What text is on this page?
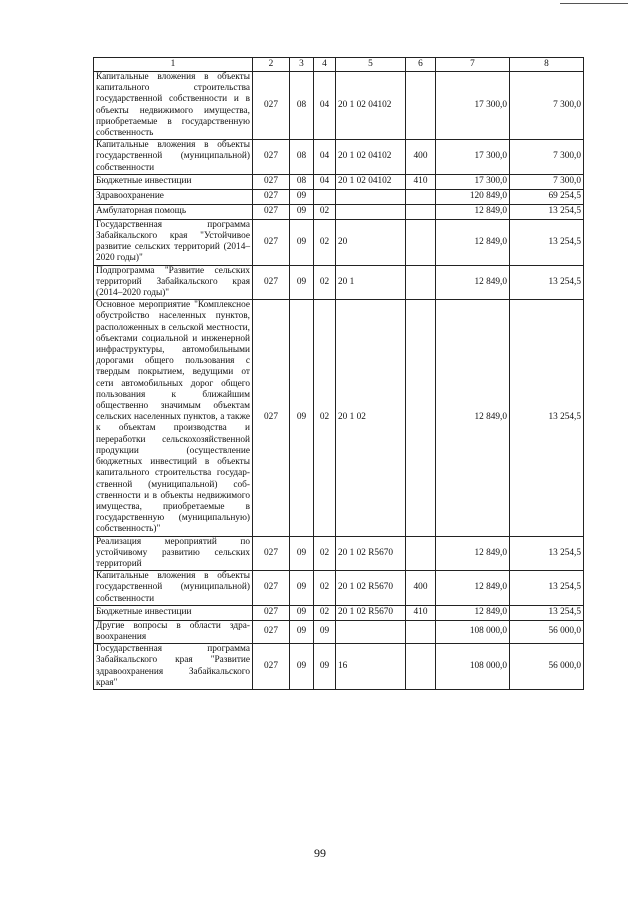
1	2	3	4	5	6	7	8
Капитальные вложения в объекты капитального строительства государственной собственности и в объекты недвижимого имущества, приобретаемые в государственную собственность	027	08	04	20 1 02 04102		17 300,0	7 300,0
Капитальные вложения в объекты государственной (муниципальной) собственности	027	08	04	20 1 02 04102	400	17 300,0	7 300,0
Бюджетные инвестиции	027	08	04	20 1 02 04102	410	17 300,0	7 300,0
Здравоохранение	027	09				120 849,0	69 254,5
Амбулаторная помощь	027	09	02			12 849,0	13 254,5
Государственная программа Забайкальского края "Устойчивое развитие сельских территорий (2014–2020 годы)"	027	09	02	20		12 849,0	13 254,5
Подпрограмма "Развитие сельских территорий Забайкальского края (2014–2020 годы)"	027	09	02	20 1		12 849,0	13 254,5
Основное мероприятие "Комплексное обустройство населенных пунктов, расположенных в сельской местности, объектами социальной и инженерной инфраструктуры, автомобильными дорогами общего пользования с твердым покрытием, ведущими от сети автомобильных дорог общего пользования к ближайшим общественно значимым объектам сельских населенных пунктов, а также к объектам производства и переработки сельскохозяйственной продукции (осуществление бюджетных инвестиций в объекты капитального строительства государственной (муниципальной) собственности и в объекты недвижимого имущества, приобретаемые в государственную (муниципальную) собственность)"	027	09	02	20 1 02		12 849,0	13 254,5
Реализация мероприятий по устойчивому развитию сельских территорий	027	09	02	20 1 02 R5670		12 849,0	13 254,5
Капитальные вложения в объекты государственной (муниципальной) собственности	027	09	02	20 1 02 R5670	400	12 849,0	13 254,5
Бюджетные инвестиции	027	09	02	20 1 02 R5670	410	12 849,0	13 254,5
Другие вопросы в области здравоохранения	027	09	09			108 000,0	56 000,0
Государственная программа Забайкальского края "Развитие здравоохранения Забайкальского края"	027	09	09	16		108 000,0	56 000,0
99
